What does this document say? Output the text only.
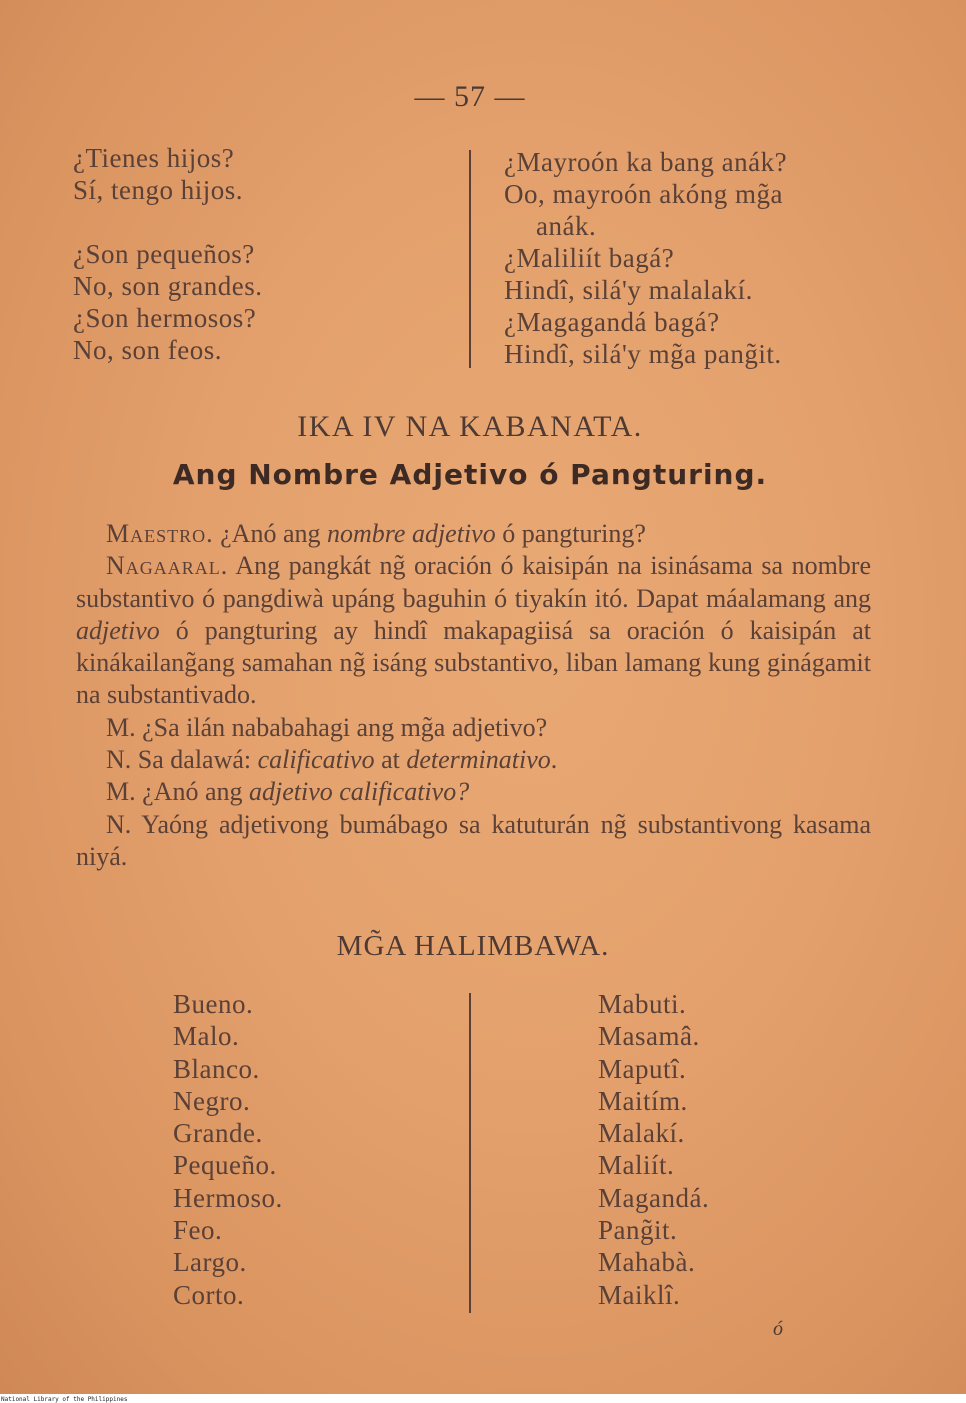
— 57 —
¿Tienes hijos?
Sí, tengo hijos.

¿Son pequeños?
No, son grandes.
¿Son hermosos?
No, son feos.
¿Mayroón ka bang anák?
Oo, mayroón akóng mg̃a
anák.
¿Maliliít bagá?
Hindî, silá'y malalakí.
¿Magagandá bagá?
Hindî, silá'y mg̃a pang̃it.
IKA IV NA KABANATA.
Ang Nombre Adjetivo ó Pangturing.

Maestro. ¿Anó ang nombre adjetivo ó pangturing?

Nagaaral. Ang pangkát ng̃ oración ó kaisipán na isinásama sa nombre substantivo ó pangdiwà upáng baguhin ó tiyakín itó. Dapat máalamang ang adjetivo ó pangturing ay hindî makapagiisá sa oración ó kaisipán at kinákailang̃ang samahan ng̃ isáng substantivo, liban lamang kung ginágamit na substantivado.

M. ¿Sa ilán nababahagi ang mg̃a adjetivo?

N. Sa dalawá: calificativo at determinativo.

M. ¿Anó ang adjetivo calificativo?

N. Yaóng adjetivong bumábago sa katuturán ng̃ substantivong kasama niyá.

MG̃A HALIMBAWA.
Bueno.
Malo.
Blanco.
Negro.
Grande.
Pequeño.
Hermoso.
Feo.
Largo.
Corto.
Mabuti.
Masamâ.
Maputî.
Maitím.
Malakí.
Maliít.
Magandá.
Pang̃it.
Mahabà.
Maiklî.
ó
National Library of the Philippines
